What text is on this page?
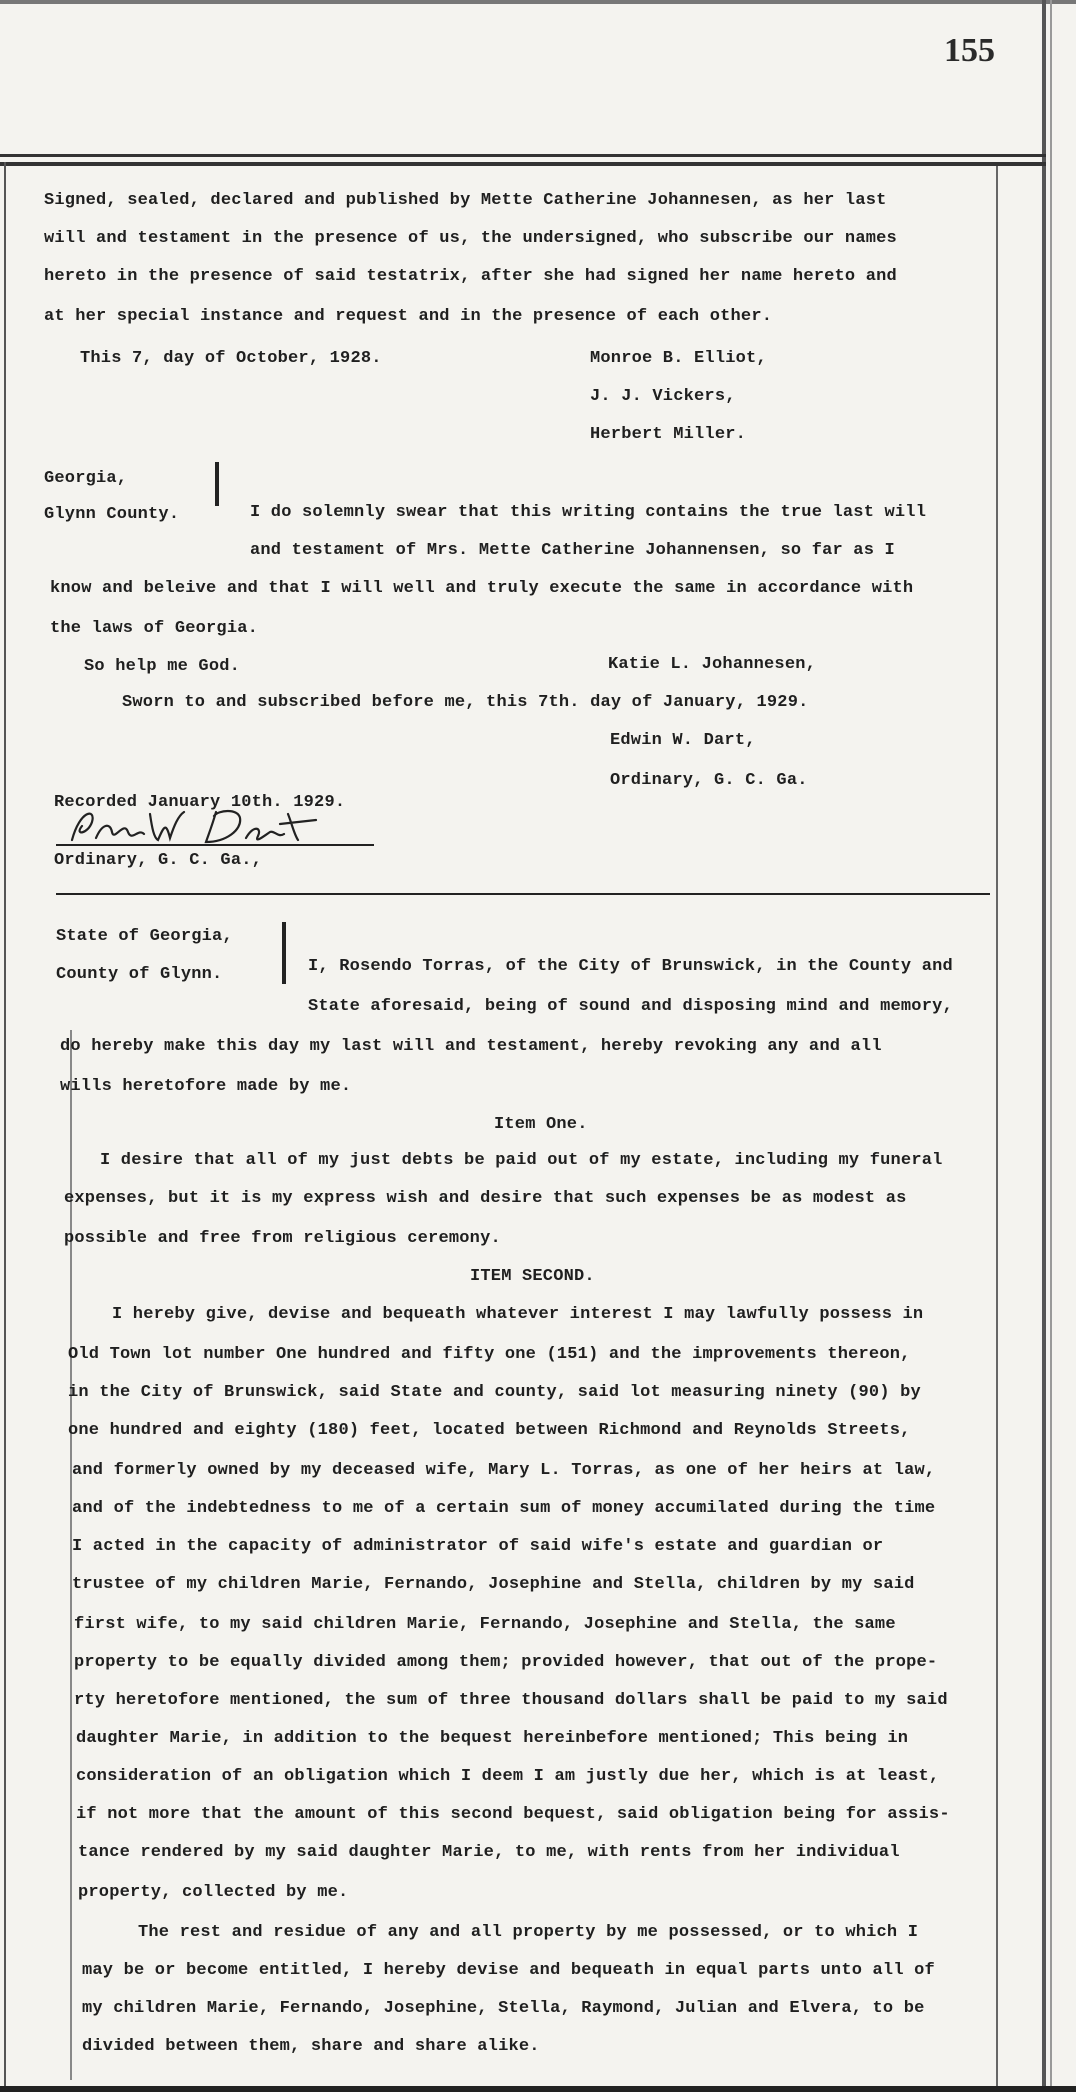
155
Signed, sealed, declared and published by Mette Catherine Johannesen, as her last
will and testament in the presence of us, the undersigned, who subscribe our names
hereto in the presence of said testatrix, after she had signed her name hereto and
at her special instance and request and in the presence of each other.
This 7, day of October, 1928.	Monroe B. Elliot,
J. J. Vickers,
Herbert Miller.
Georgia,
Glynn County.	I do solemnly swear that this writing contains the true last will
and testament of Mrs. Mette Catherine Johannensen, so far as I
know and beleive and that I will well and truly execute the same in accordance with
the laws of Georgia.
So help me God.	Katie L. Johannesen,
Sworn to and subscribed before me, this 7th. day of January, 1929.
Edwin W. Dart,
Ordinary, G. C. Ga.
Recorded January 10th. 1929.
Ordinary, G. C. Ga.,
State of Georgia,
County of Glynn.	I, Rosendo Torras, of the City of Brunswick, in the County and
State aforesaid, being of sound and disposing mind and memory,
do hereby make this day my last will and testament, hereby revoking any and all
wills heretofore made by me.
Item One.
I desire that all of my just debts be paid out of my estate, including my funeral
expenses, but it is my express wish and desire that such expenses be as modest as
possible and free from religious ceremony.
ITEM SECOND.
I hereby give, devise and bequeath whatever interest I may lawfully possess in
Old Town lot number One hundred and fifty one (151) and the improvements thereon,
in the City of Brunswick, said State and county, said lot measuring ninety (90) by
one hundred and eighty (180) feet, located between Richmond and Reynolds Streets,
and formerly owned by my deceased wife, Mary L. Torras, as one of her heirs at law,
and of the indebtedness to me of a certain sum of money accumilated during the time
I acted in the capacity of administrator of said wife's estate and guardian or
trustee of my children Marie, Fernando, Josephine and Stella, children by my said
first wife, to my said children Marie, Fernando, Josephine and Stella, the same
property to be equally divided among them; provided however, that out of the prope-
rty heretofore mentioned, the sum of three thousand dollars shall be paid to my said
daughter Marie, in addition to the bequest hereinbefore mentioned; This being in
consideration of an obligation which I deem I am justly due her, which is at least,
if not more that the amount of this second bequest, said obligation being for assis-
tance rendered by my said daughter Marie, to me, with rents from her individual
property, collected by me.
The rest and residue of any and all property by me possessed, or to which I
may be or become entitled, I hereby devise and bequeath in equal parts unto all of
my children Marie, Fernando, Josephine, Stella, Raymond, Julian and Elvera, to be
divided between them, share and share alike.
